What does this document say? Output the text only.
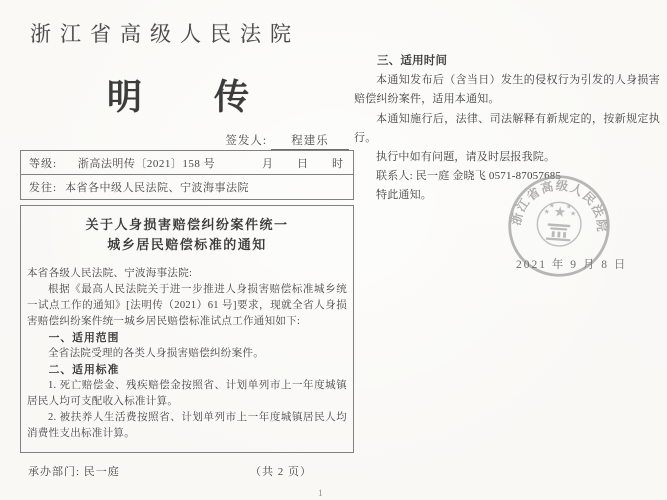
浙江省高级人民法院
明 传
签发人: 程建乐
等级:	浙高法明传〔2021〕158 号	月 日 时
发往: 本省各中级人民法院、宁波海事法院
关于人身损害赔偿纠纷案件统一
城乡居民赔偿标准的通知

本省各级人民法院、宁波海事法院:

根据《最高人民法院关于进一步推进人身损害赔偿标准城乡统一试点工作的通知》[法明传（2021）61 号]要求，现就全省人身损害赔偿纠纷案件统一城乡居民赔偿标准试点工作通知如下:

一、适用范围

全省法院受理的各类人身损害赔偿纠纷案件。

二、适用标准

1. 死亡赔偿金、残疾赔偿金按照省、计划单列市上一年度城镇居民人均可支配收入标准计算。

2. 被扶养人生活费按照省、计划单列市上一年度城镇居民人均消费性支出标准计算。

承办部门: 民一庭	（共 2 页）
1

三、适用时间

本通知发布后（含当日）发生的侵权行为引发的人身损害赔偿纠纷案件，适用本通知。

本通知施行后，法律、司法解释有新规定的，按新规定执行。

执行中如有问题，请及时层报我院。

联系人: 民一庭 金晓飞 0571-87057685

特此通知。

浙江省高级人民法院
★
★
★ ★
★
2021 年 9 月 8 日
